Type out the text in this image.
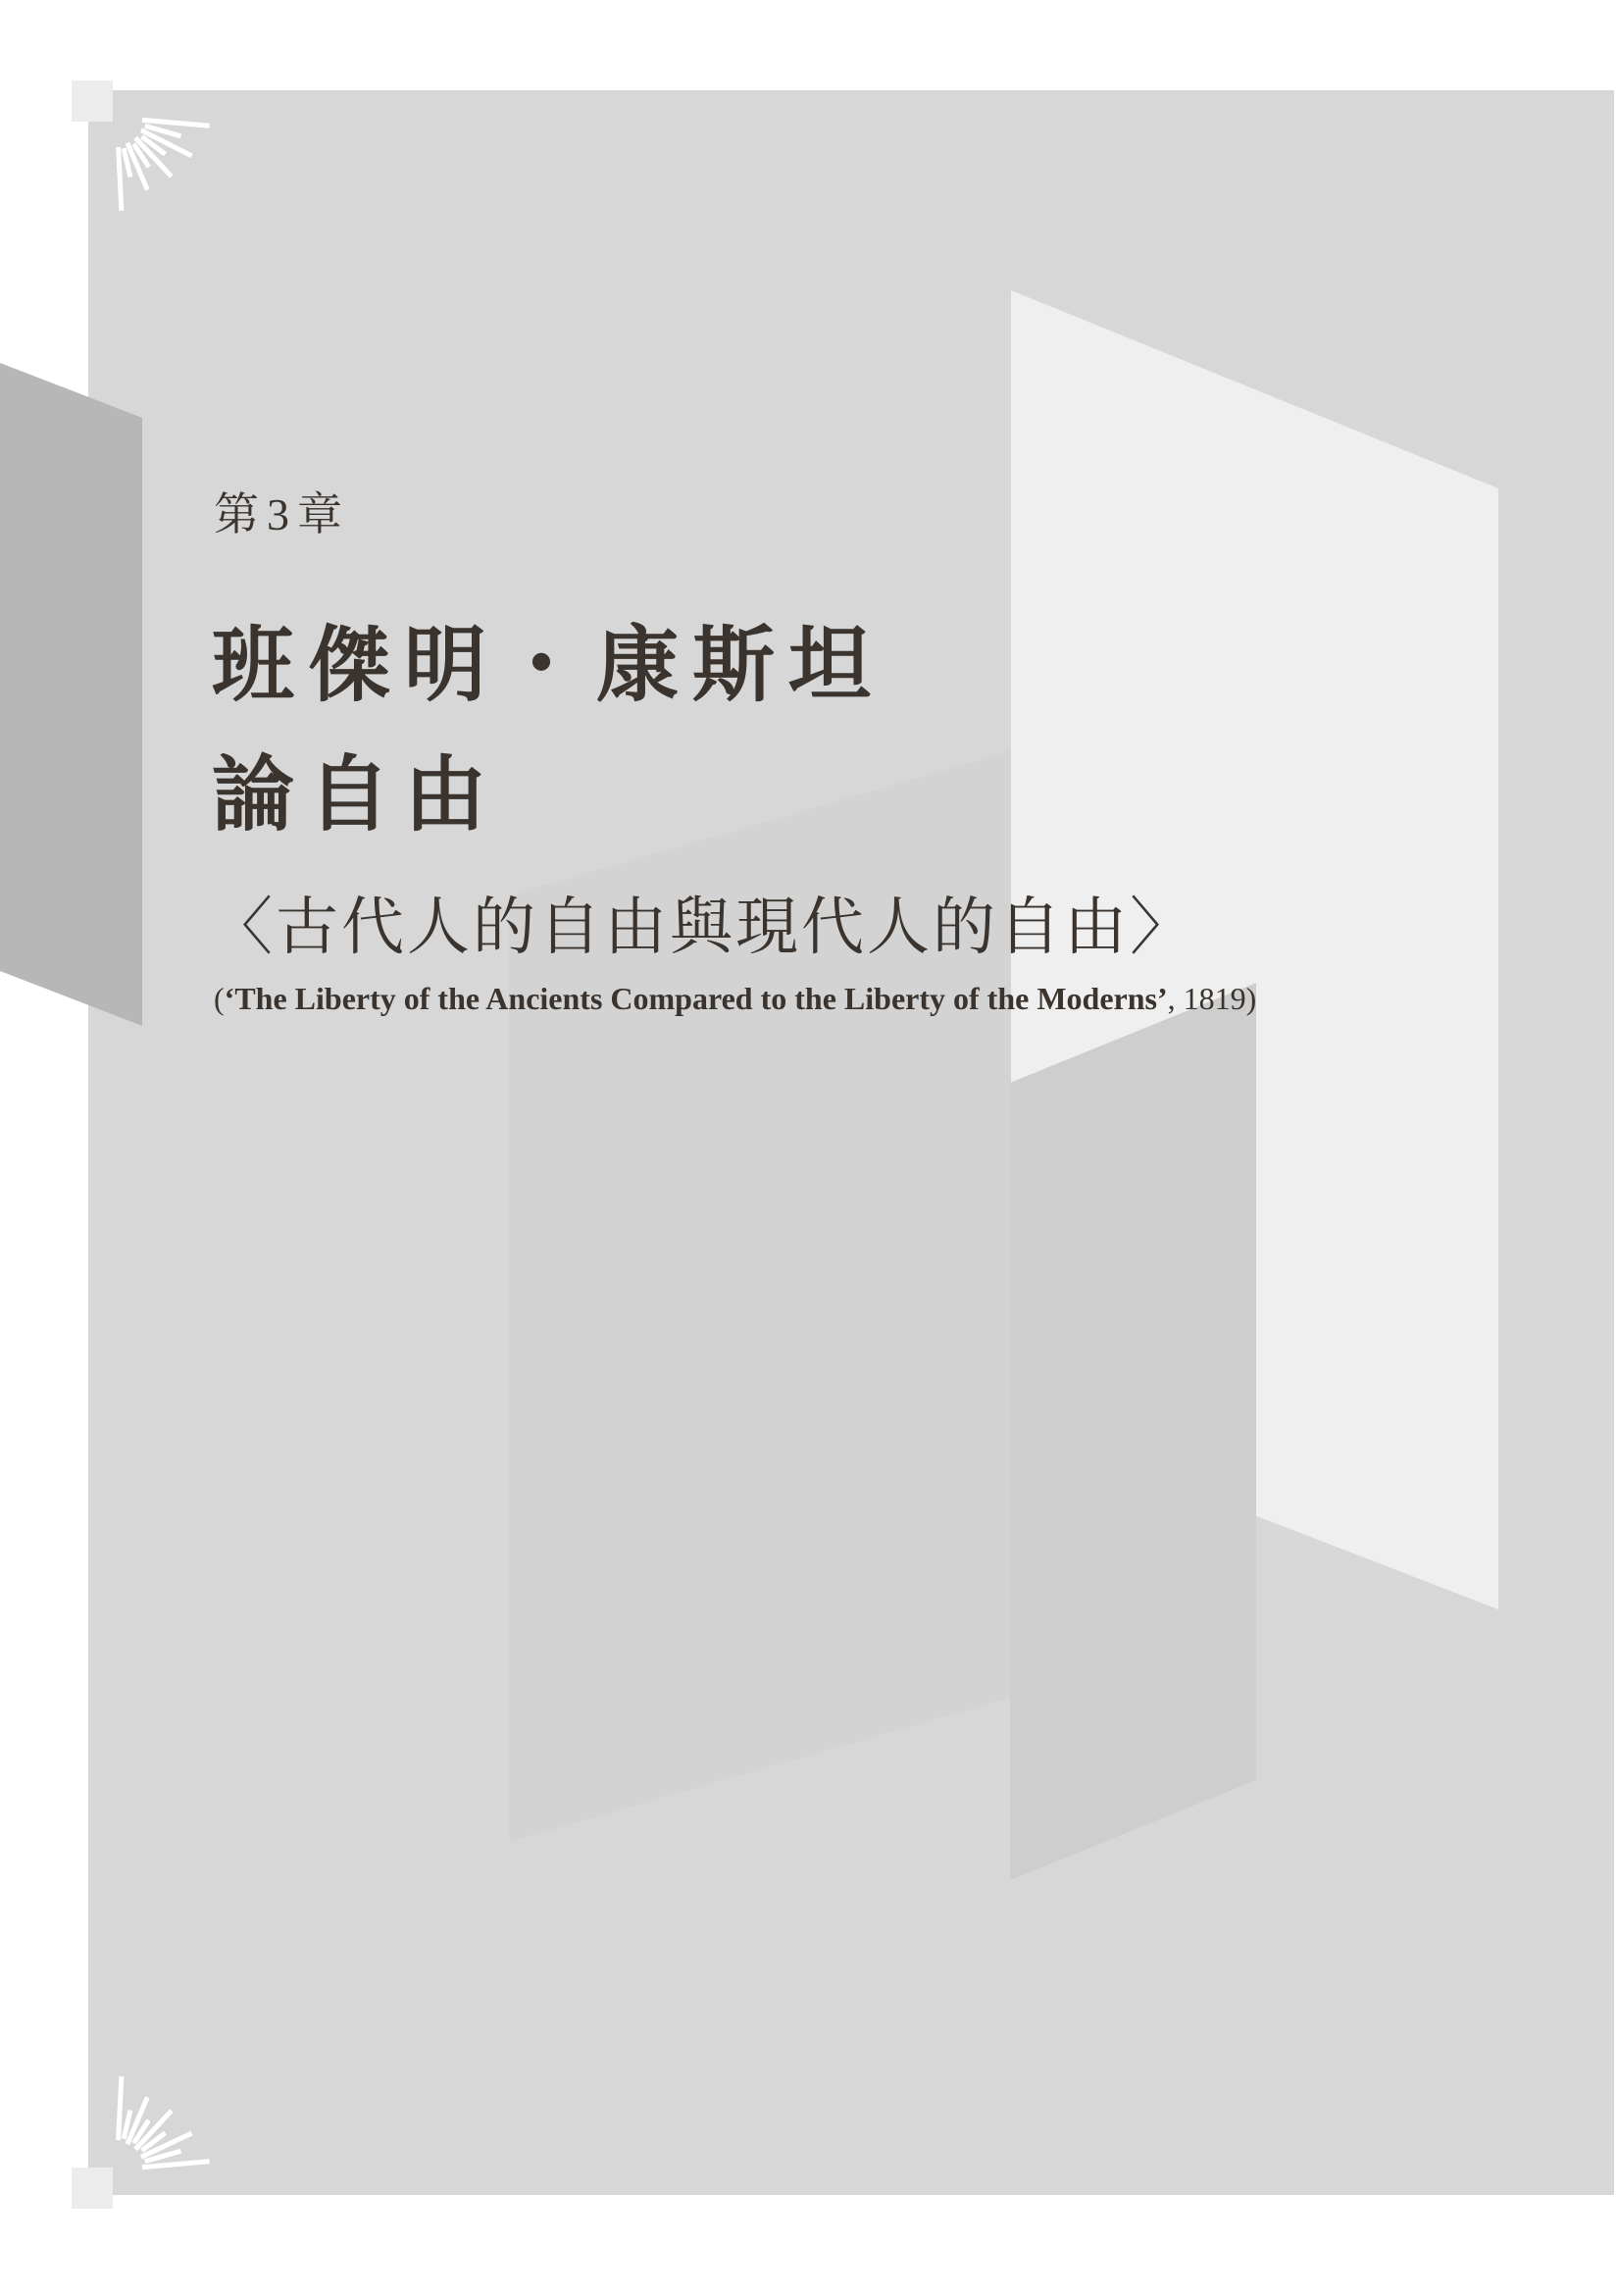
第3章
班傑明・康斯坦
論自由
〈古代人的自由與現代人的自由〉
(‘The Liberty of the Ancients Compared to the Liberty of the Moderns’, 1819)
